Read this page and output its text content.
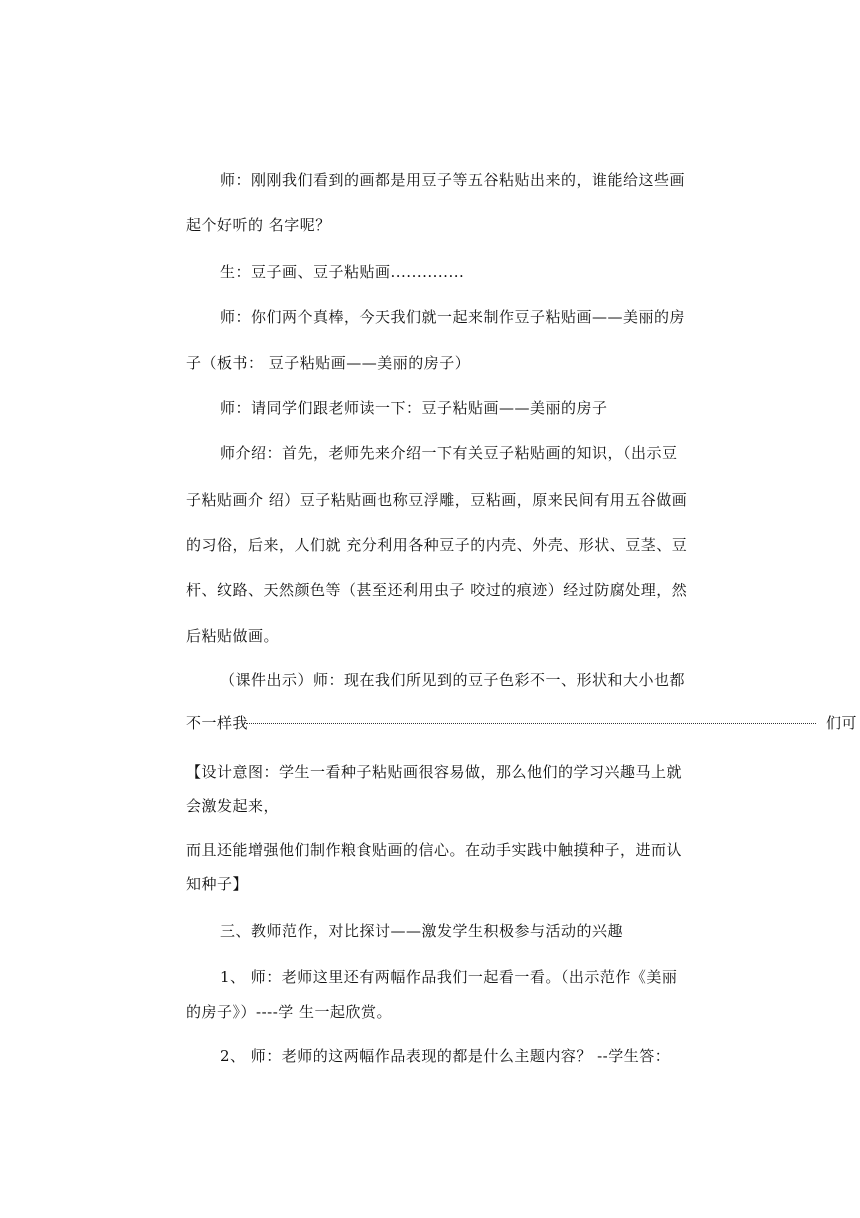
师：刚刚我们看到的画都是用豆子等五谷粘贴出来的，谁能给这些画
起个好听的 名字呢？
生：豆子画、豆子粘贴画..............
师：你们两个真棒，今天我们就一起来制作豆子粘贴画——美丽的房
子（板书： 豆子粘贴画——美丽的房子）
师：请同学们跟老师读一下：豆子粘贴画——美丽的房子
师介绍：首先，老师先来介绍一下有关豆子粘贴画的知识，（出示豆
子粘贴画介 绍）豆子粘贴画也称豆浮雕，豆粘画，原来民间有用五谷做画
的习俗，后来，人们就 充分利用各种豆子的内壳、外壳、形状、豆茎、豆
杆、纹路、天然颜色等（甚至还利用虫子 咬过的痕迹）经过防腐处理，然
后粘贴做画。
（课件出示）师：现在我们所见到的豆子色彩不一、形状和大小也都
不一样我	们可
【设计意图：学生一看种子粘贴画很容易做，那么他们的学习兴趣马上就
会激发起来，
而且还能增强他们制作粮食贴画的信心。在动手实践中触摸种子，进而认
知种子】
三、教师范作，对比探讨——激发学生积极参与活动的兴趣
1、 师：老师这里还有两幅作品我们一起看一看。（出示范作《美丽
的房子》）----学 生一起欣赏。
2、 师：老师的这两幅作品表现的都是什么主题内容？ --学生答：
